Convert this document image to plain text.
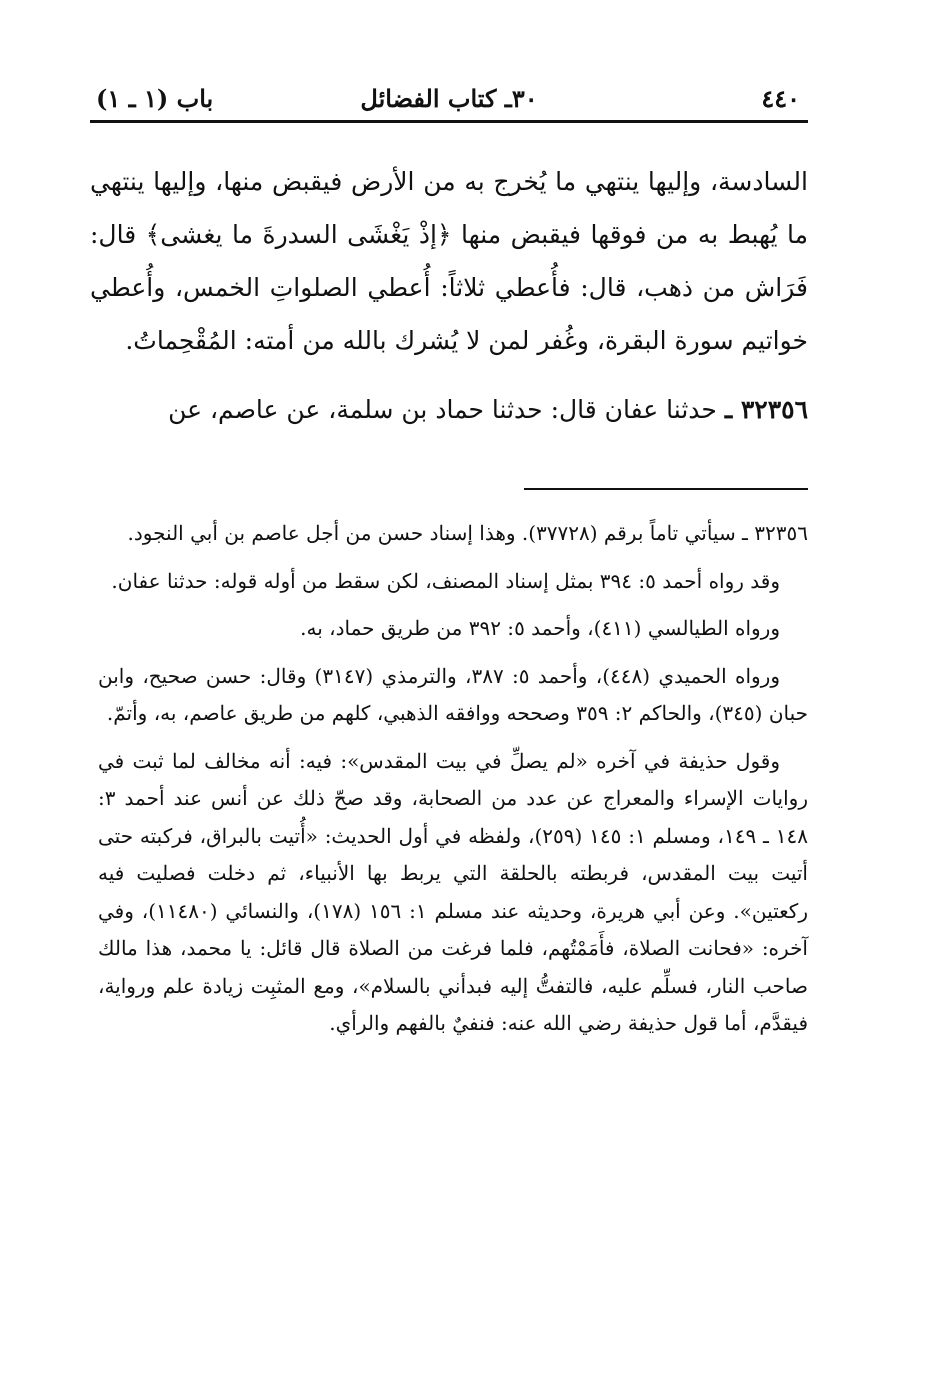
٤٤٠
٣٠ـ كتاب الفضائل
باب (١ ـ ١)

السادسة، وإليها ينتهي ما يُخرج به من الأرض فيقبض منها، وإليها ينتهي ما يُهبط به من فوقها فيقبض منها ﴿إذْ يَغْشَى السدرةَ ما يغشى﴾ قال: فَرَاش من ذهب، قال: فأُعطي ثلاثاً: أُعطي الصلواتِ الخمس، وأُعطي خواتيم سورة البقرة، وغُفر لمن لا يُشرك بالله من أمته: المُقْحِماتُ.

٣٢٣٥٦ ـ حدثنا عفان قال: حدثنا حماد بن سلمة، عن عاصم، عن

٣٢٣٥٦ ـ سيأتي تاماً برقم (٣٧٧٢٨). وهذا إسناد حسن من أجل عاصم بن أبي النجود.

وقد رواه أحمد ٥: ٣٩٤ بمثل إسناد المصنف، لكن سقط من أوله قوله: حدثنا عفان.

ورواه الطيالسي (٤١١)، وأحمد ٥: ٣٩٢ من طريق حماد، به.

ورواه الحميدي (٤٤٨)، وأحمد ٥: ٣٨٧، والترمذي (٣١٤٧) وقال: حسن صحيح، وابن حبان (٣٤٥)، والحاكم ٢: ٣٥٩ وصححه ووافقه الذهبي، كلهم من طريق عاصم، به، وأتمّ.

وقول حذيفة في آخره «لم يصلِّ في بيت المقدس»: فيه: أنه مخالف لما ثبت في روايات الإسراء والمعراج عن عدد من الصحابة، وقد صحّ ذلك عن أنس عند أحمد ٣: ١٤٨ ـ ١٤٩، ومسلم ١: ١٤٥ (٢٥٩)، ولفظه في أول الحديث: «أُتيت بالبراق، فركبته حتى أتيت بيت المقدس، فربطته بالحلقة التي يربط بها الأنبياء، ثم دخلت فصليت فيه ركعتين». وعن أبي هريرة، وحديثه عند مسلم ١: ١٥٦ (١٧٨)، والنسائي (١١٤٨٠)، وفي آخره: «فحانت الصلاة، فأَمَمْتُهم، فلما فرغت من الصلاة قال قائل: يا محمد، هذا مالك صاحب النار، فسلِّم عليه، فالتفتُّ إليه فبدأني بالسلام»، ومع المثبِت زيادة علم ورواية، فيقدَّم، أما قول حذيفة رضي الله عنه: فنفيٌ بالفهم والرأي.
